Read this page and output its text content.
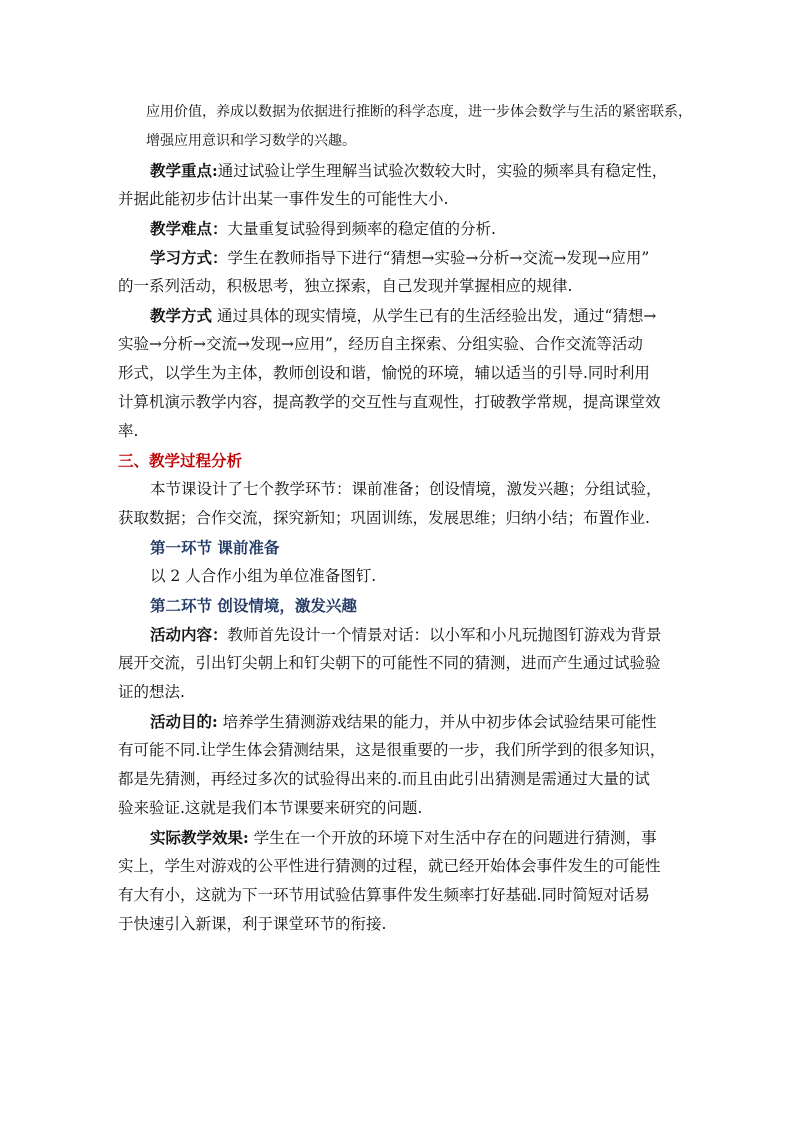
应用价值，养成以数据为依据进行推断的科学态度，进一步体会数学与生活的紧密联系，
增强应用意识和学习数学的兴趣。
教学重点:通过试验让学生理解当试验次数较大时，实验的频率具有稳定性，
并据此能初步估计出某一事件发生的可能性大小.
教学难点：大量重复试验得到频率的稳定值的分析.
学习方式：学生在教师指导下进行“猜想→实验→分析→交流→发现→应用”
的一系列活动，积极思考，独立探索，自己发现并掌握相应的规律.
教学方式 通过具体的现实情境，从学生已有的生活经验出发，通过“猜想→
实验→分析→交流→发现→应用”，经历自主探索、分组实验、合作交流等活动
形式，以学生为主体，教师创设和谐，愉悦的环境，辅以适当的引导.同时利用
计算机演示教学内容，提高教学的交互性与直观性，打破教学常规，提高课堂效
率.
三、教学过程分析
本节课设计了七个教学环节：课前准备；创设情境，激发兴趣；分组试验，
获取数据；合作交流，探究新知；巩固训练，发展思维；归纳小结；布置作业.
第一环节 课前准备
以 2 人合作小组为单位准备图钉.
第二环节 创设情境，激发兴趣
活动内容：教师首先设计一个情景对话：以小军和小凡玩抛图钉游戏为背景
展开交流，引出钉尖朝上和钉尖朝下的可能性不同的猜测，进而产生通过试验验
证的想法.
活动目的: 培养学生猜测游戏结果的能力，并从中初步体会试验结果可能性
有可能不同.让学生体会猜测结果，这是很重要的一步，我们所学到的很多知识，
都是先猜测，再经过多次的试验得出来的.而且由此引出猜测是需通过大量的试
验来验证.这就是我们本节课要来研究的问题.
实际教学效果: 学生在一个开放的环境下对生活中存在的问题进行猜测，事
实上，学生对游戏的公平性进行猜测的过程，就已经开始体会事件发生的可能性
有大有小，这就为下一环节用试验估算事件发生频率打好基础.同时简短对话易
于快速引入新课，利于课堂环节的衔接.
